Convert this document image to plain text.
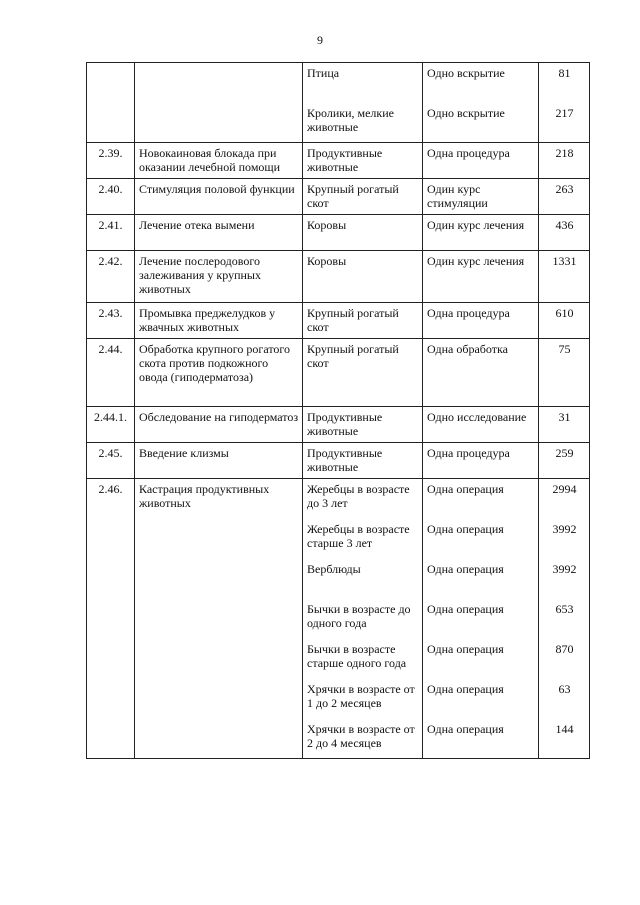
9
		Птица	Одно вскрытие	81
		Кролики, мелкие животные	Одно вскрытие	217
2.39.	Новокаиновая блокада при оказании лечебной помощи	Продуктивные животные	Одна процедура	218
2.40.	Стимуляция половой функции	Крупный рогатый скот	Один курс стимуляции	263
2.41.	Лечение отека вымени	Коровы	Один курс лечения	436
2.42.	Лечение послеродового залеживания у крупных животных	Коровы	Один курс лечения	1331
2.43.	Промывка преджелудков у жвачных животных	Крупный рогатый скот	Одна процедура	610
2.44.	Обработка крупного рогатого скота против подкожного овода (гиподерматоза)	Крупный рогатый скот	Одна обработка	75
2.44.1.	Обследование на гиподерматоз	Продуктивные животные	Одно исследование	31
2.45.	Введение клизмы	Продуктивные животные	Одна процедура	259
2.46.	Кастрация продуктивных животных	Жеребцы в возрасте до 3 лет	Одна операция	2994
		Жеребцы в возрасте старше 3 лет	Одна операция	3992
		Верблюды	Одна операция	3992
		Бычки в возрасте до одного года	Одна операция	653
		Бычки в возрасте старше одного года	Одна операция	870
		Хрячки в возрасте от 1 до 2 месяцев	Одна операция	63
		Хрячки в возрасте от 2 до 4 месяцев	Одна операция	144
